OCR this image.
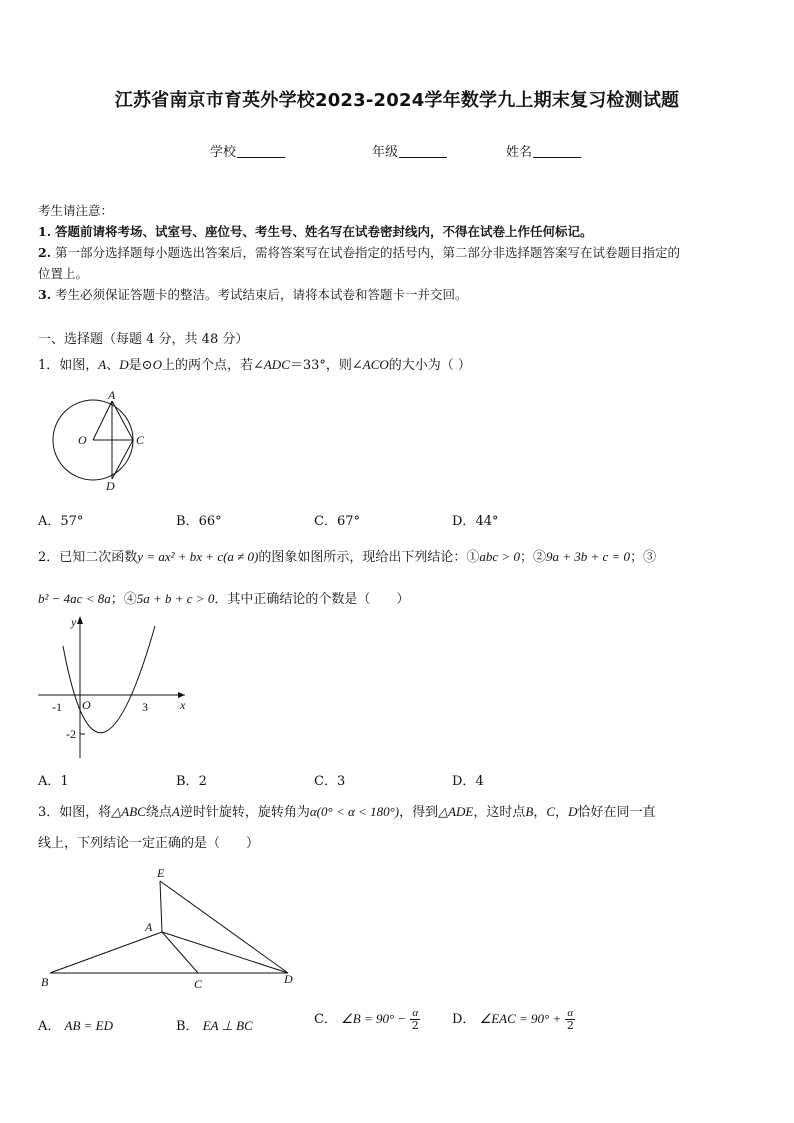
江苏省南京市育英外学校2023-2024学年数学九上期末复习检测试题
学校	年级	姓名
考生请注意：
1. 答题前请将考场、试室号、座位号、考生号、姓名写在试卷密封线内，不得在试卷上作任何标记。
2. 第一部分选择题每小题选出答案后，需将答案写在试卷指定的括号内，第二部分非选择题答案写在试卷题目指定的
位置上。
3. 考生必须保证答题卡的整洁。考试结束后，请将本试卷和答题卡一并交回。
一、选择题（每题 4 分，共 48 分）
1．如图，A、D是⊙O上的两个点，若∠ADC＝33°，则∠ACO的大小为（ ）
A
O	C
D
A．57°	B．66°	C．67°	D．44°
2．已知二次函数y = ax² + bx + c(a ≠ 0)的图象如图所示，现给出下列结论：①abc > 0；②9a + 3b + c = 0；③
b² − 4ac < 8a；④5a + b + c > 0．其中正确结论的个数是（　　）
y
x
O
-1	3
-2
A．1	B．2	C．3	D．4
3．如图，将△ABC绕点A逆时针旋转，旋转角为α(0° < α < 180°)，得到△ADE，这时点B，C，D恰好在同一直
线上，下列结论一定正确的是（　　）
E
A
B	C	D
A． AB = ED	B． EA ⊥ BC	C． ∠B = $90^\circ - \frac{\alpha}{2}$ D． ∠EAC = $90^\circ + \frac{\alpha}{2}$
